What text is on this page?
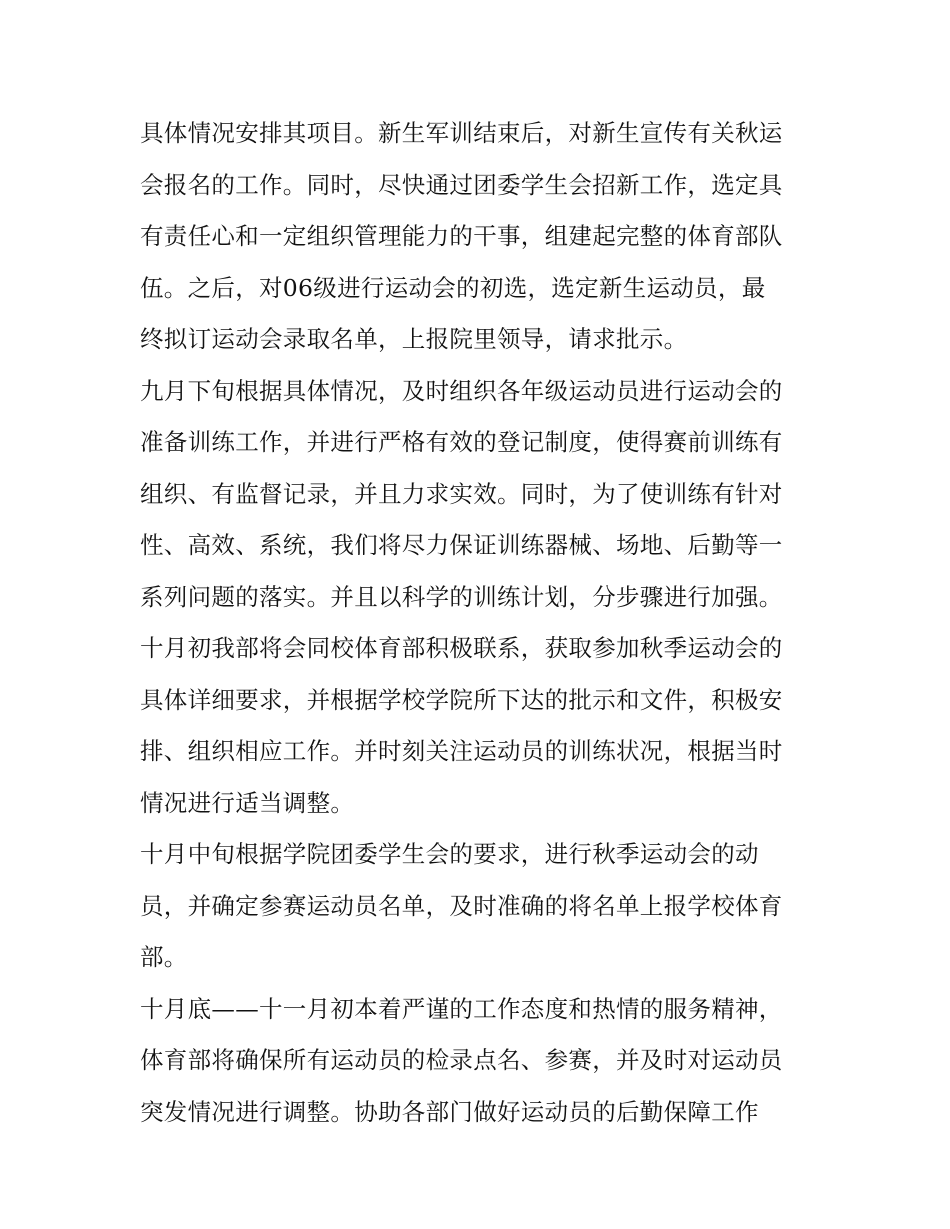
具体情况安排其项目。新生军训结束后，对新生宣传有关秋运
会报名的工作。同时，尽快通过团委学生会招新工作，选定具
有责任心和一定组织管理能力的干事，组建起完整的体育部队
伍。之后，对06级进行运动会的初选，选定新生运动员，最
终拟订运动会录取名单，上报院里领导，请求批示。
九月下旬根据具体情况，及时组织各年级运动员进行运动会的
准备训练工作，并进行严格有效的登记制度，使得赛前训练有
组织、有监督记录，并且力求实效。同时，为了使训练有针对
性、高效、系统，我们将尽力保证训练器械、场地、后勤等一
系列问题的落实。并且以科学的训练计划，分步骤进行加强。
十月初我部将会同校体育部积极联系，获取参加秋季运动会的
具体详细要求，并根据学校学院所下达的批示和文件，积极安
排、组织相应工作。并时刻关注运动员的训练状况，根据当时
情况进行适当调整。
十月中旬根据学院团委学生会的要求，进行秋季运动会的动
员，并确定参赛运动员名单，及时准确的将名单上报学校体育
部。
十月底——十一月初本着严谨的工作态度和热情的服务精神，
体育部将确保所有运动员的检录点名、参赛，并及时对运动员
突发情况进行调整。协助各部门做好运动员的后勤保障工作
